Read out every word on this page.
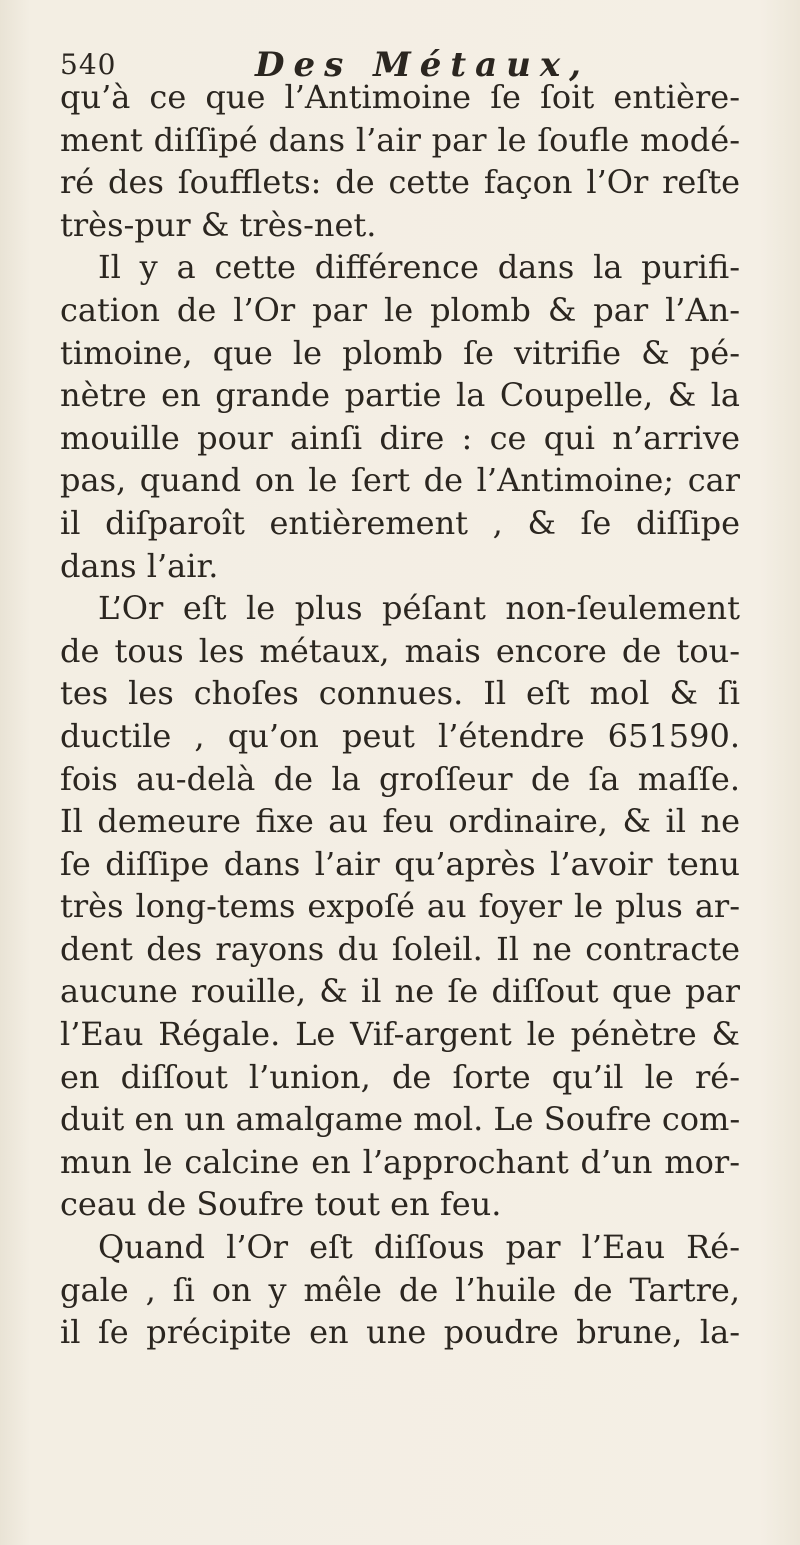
540	Des Métaux,
qu’à ce que l’Antimoine ſe ſoit entière-
ment diſſipé dans l’air par le ſoufle modé-
ré des ſoufflets: de cette façon l’Or reſte
très-pur & très-net.
Il y a cette différence dans la purifi-
cation de l’Or par le plomb & par l’An-
timoine, que le plomb ſe vitrifie & pé-
nètre en grande partie la Coupelle, & la
mouille pour ainſi dire : ce qui n’arrive
pas, quand on le ſert de l’Antimoine; car
il diſparoît entièrement , & ſe diſſipe
dans l’air.
L’Or eſt le plus péſant non-ſeulement
de tous les métaux, mais encore de tou-
tes les choſes connues. Il eſt mol & ſi
ductile , qu’on peut l’étendre 651590.
fois au-delà de la groſſeur de ſa maſſe.
Il demeure fixe au feu ordinaire, & il ne
ſe diſſipe dans l’air qu’après l’avoir tenu
très long-tems expoſé au foyer le plus ar-
dent des rayons du ſoleil. Il ne contracte
aucune rouille, & il ne ſe diſſout que par
l’Eau Régale. Le Vif-argent le pénètre &
en diſſout l’union, de ſorte qu’il le ré-
duit en un amalgame mol. Le Soufre com-
mun le calcine en l’approchant d’un mor-
ceau de Soufre tout en feu.
Quand l’Or eſt diſſous par l’Eau Ré-
gale , ſi on y mêle de l’huile de Tartre,
il ſe précipite en une poudre brune, la-
